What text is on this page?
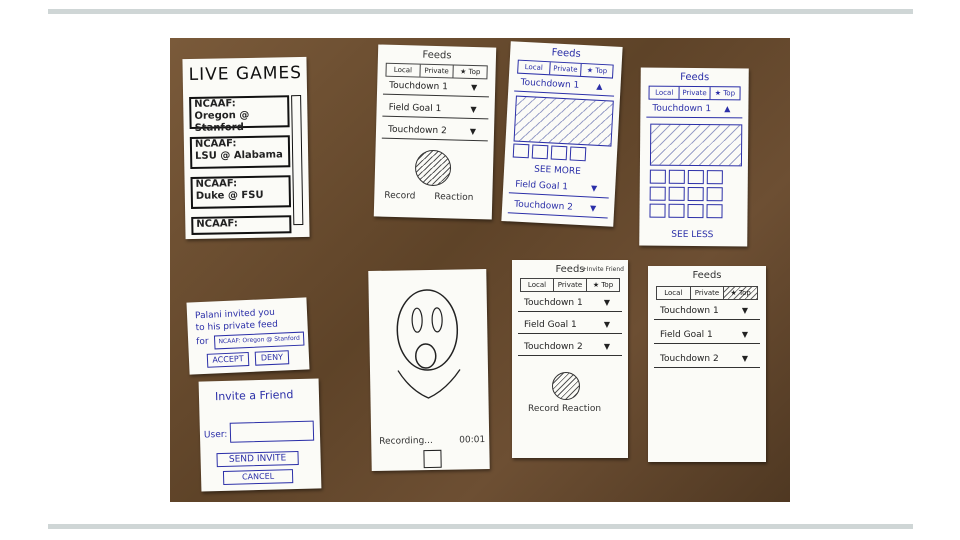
LIVE GAMES
NCAAF:
Oregon @ Stanford
NCAAF:
LSU @ Alabama
NCAAF:
Duke @ FSU
NCAAF:
Feeds
Local	Private	★ Top
Touchdown 1	▼
Field Goal 1	▼
Touchdown 2	▼
Record Reaction
Feeds
Local	Private	★ Top
Touchdown 1 ▲
SEE MORE
Field Goal 1	▼
Touchdown 2 ▼
Feeds
Local	Private	★ Top
Touchdown 1 ▲
SEE LESS
Palani invited you
to his private feed
for	NCAAF: Oregon @ Stanford
ACCEPT	DENY
Invite a Friend
User:
SEND INVITE
CANCEL
Recording...	00:01
Feeds
+Invite Friend
Local	Private	★ Top
Touchdown 1	▼
Field Goal 1	▼
Touchdown 2	▼
Record Reaction
Feeds
Local	Private	★ Top
Touchdown 1	▼
Field Goal 1	▼
Touchdown 2	▼
